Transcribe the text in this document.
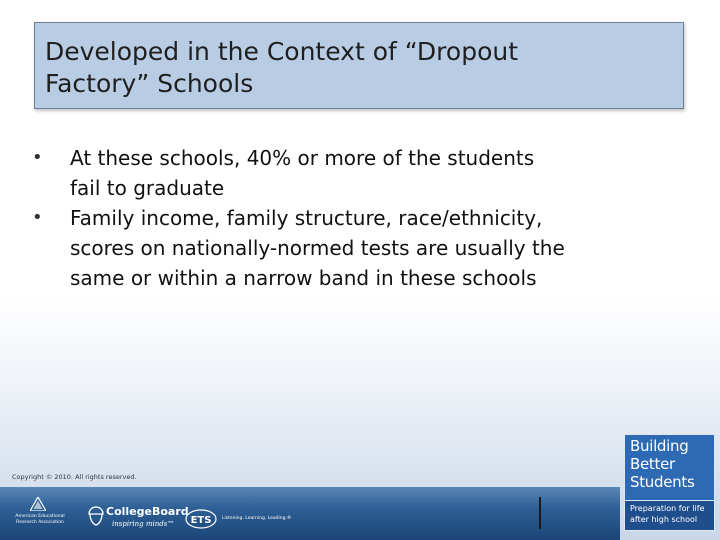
Developed in the Context of “Dropout
Factory” Schools
• At these schools, 40% or more of the students
fail to graduate
• Family income, family structure, race/ethnicity,
scores on nationally-normed tests are usually the
same or within a narrow band in these schools
Copyright © 2010. All rights reserved.
American Educational Research Association
CollegeBoard
inspiring minds™ ETS Listening. Learning. Leading.®
Building
Better
Students
Preparation for life
after high school
